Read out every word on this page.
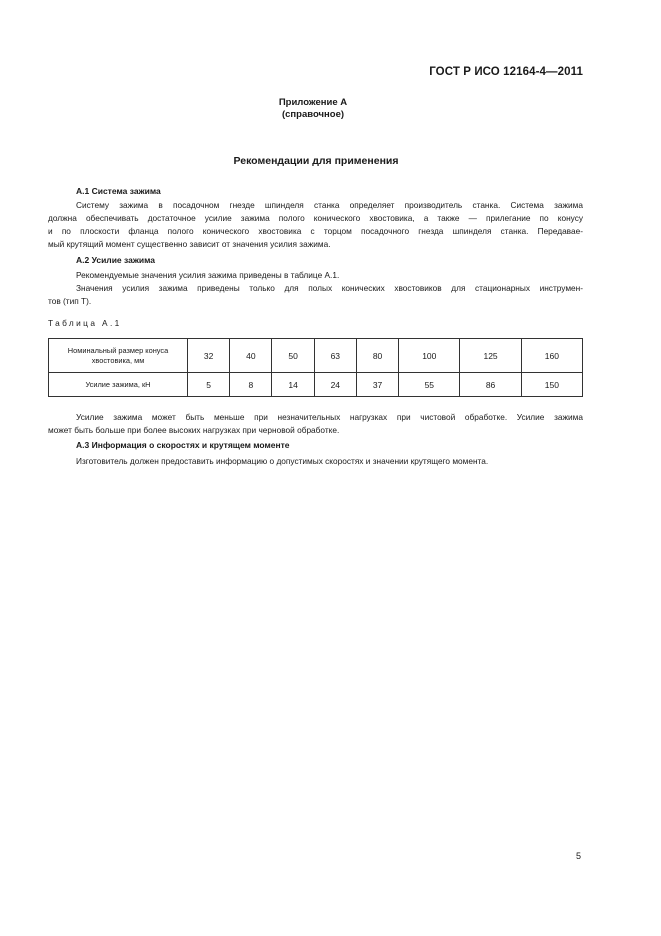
ГОСТ Р ИСО 12164-4—2011
Приложение А
(справочное)
Рекомендации для применения
А.1 Система зажима
Систему зажима в посадочном гнезде шпинделя станка определяет производитель станка. Система зажима
должна обеспечивать достаточное усилие зажима полого конического хвостовика, а также — прилегание по конусу
и по плоскости фланца полого конического хвостовика с торцом посадочного гнезда шпинделя станка. Передавае-
мый крутящий момент существенно зависит от значения усилия зажима.
А.2 Усилие зажима
Рекомендуемые значения усилия зажима приведены в таблице А.1.
Значения усилия зажима приведены только для полых конических хвостовиков для стационарных инструмен-
тов (тип Т).
Таблица А.1
Номинальный размер конуса хвостовика, мм	32	40	50	63	80	100	125	160
Усилие зажима, кН	5	8	14	24	37	55	86	150
Усилие зажима может быть меньше при незначительных нагрузках при чистовой обработке. Усилие зажима
может быть больше при более высоких нагрузках при черновой обработке.
А.3 Информация о скоростях и крутящем моменте
Изготовитель должен предоставить информацию о допустимых скоростях и значении крутящего момента.
5
